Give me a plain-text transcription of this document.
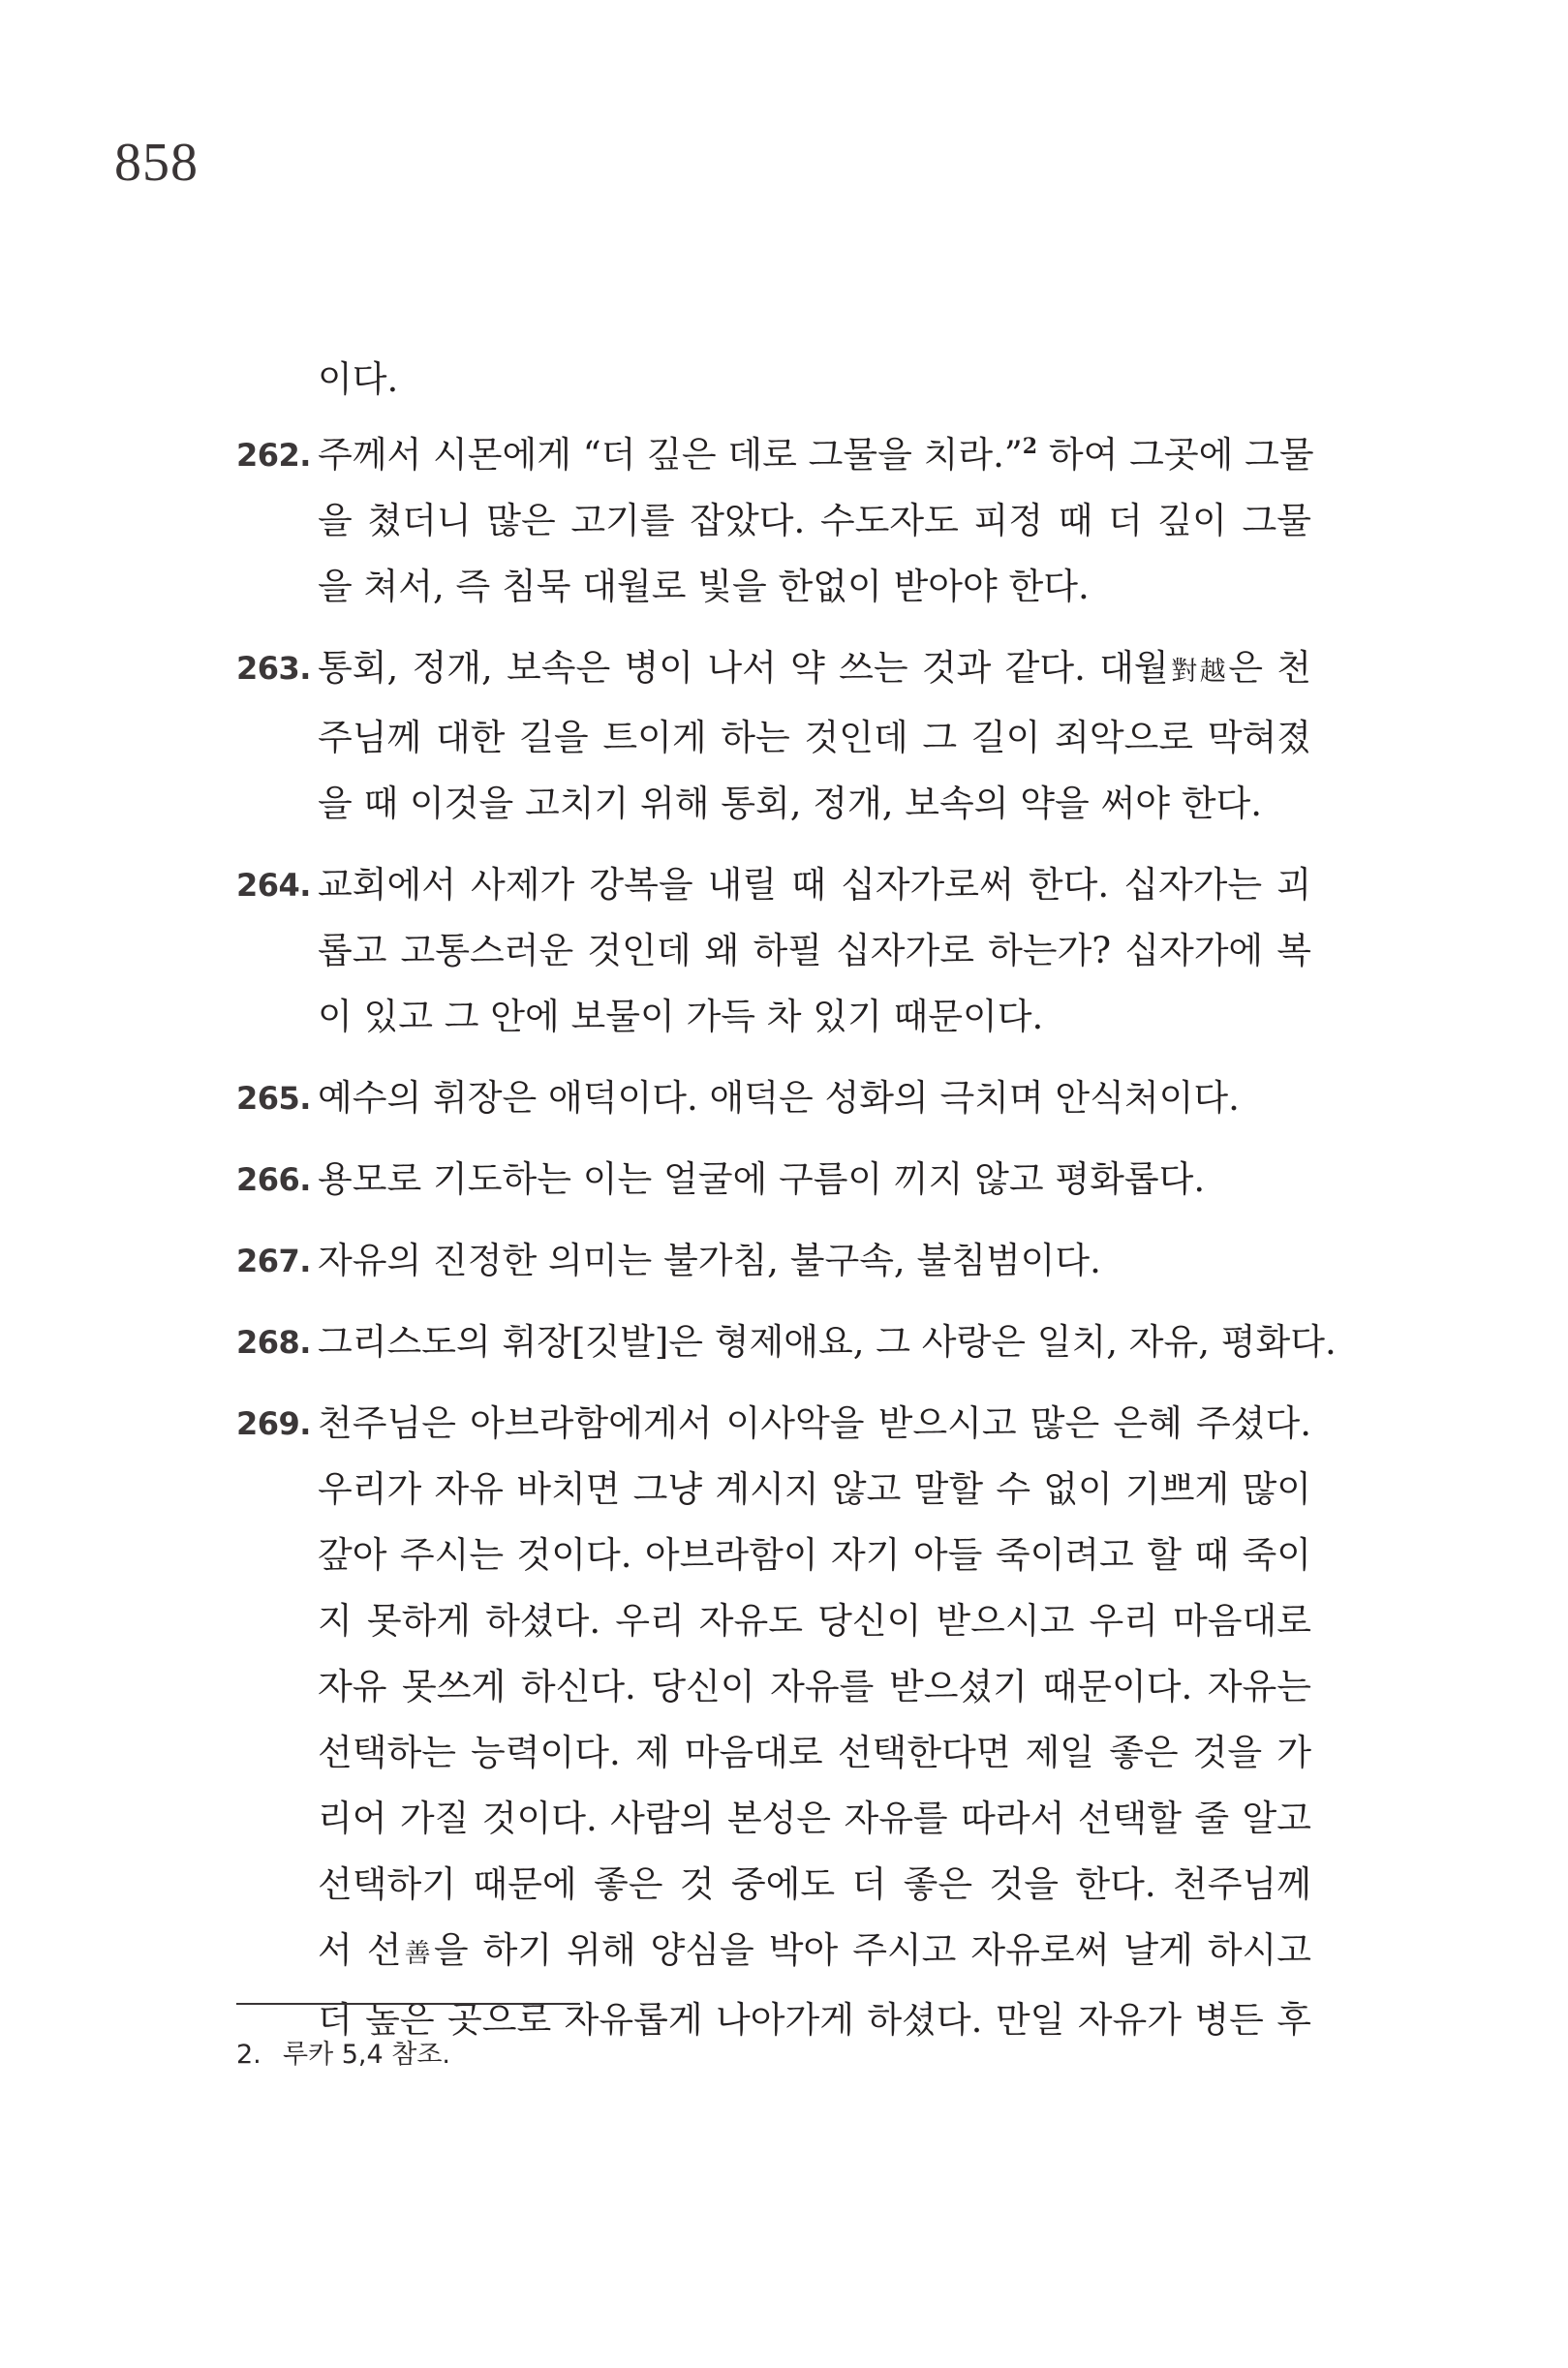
858
이다.
262. 주께서 시몬에게 “더 깊은 데로 그물을 치라.”$^2$ 하여 그곳에 그물
을 쳤더니 많은 고기를 잡았다. 수도자도 피정 때 더 깊이 그물
을 쳐서, 즉 침묵 대월로 빛을 한없이 받아야 한다.
263. 통회, 정개, 보속은 병이 나서 약 쓰는 것과 같다. 대월對越은 천
주님께 대한 길을 트이게 하는 것인데 그 길이 죄악으로 막혀졌
을 때 이것을 고치기 위해 통회, 정개, 보속의 약을 써야 한다.
264. 교회에서 사제가 강복을 내릴 때 십자가로써 한다. 십자가는 괴
롭고 고통스러운 것인데 왜 하필 십자가로 하는가? 십자가에 복
이 있고 그 안에 보물이 가득 차 있기 때문이다.
265. 예수의 휘장은 애덕이다. 애덕은 성화의 극치며 안식처이다.
266. 용모로 기도하는 이는 얼굴에 구름이 끼지 않고 평화롭다.
267. 자유의 진정한 의미는 불가침, 불구속, 불침범이다.
268. 그리스도의 휘장[깃발]은 형제애요, 그 사랑은 일치, 자유, 평화다.
269. 천주님은 아브라함에게서 이사악을 받으시고 많은 은혜 주셨다.
우리가 자유 바치면 그냥 계시지 않고 말할 수 없이 기쁘게 많이
갚아 주시는 것이다. 아브라함이 자기 아들 죽이려고 할 때 죽이
지 못하게 하셨다. 우리 자유도 당신이 받으시고 우리 마음대로
자유 못쓰게 하신다. 당신이 자유를 받으셨기 때문이다. 자유는
선택하는 능력이다. 제 마음대로 선택한다면 제일 좋은 것을 가
리어 가질 것이다. 사람의 본성은 자유를 따라서 선택할 줄 알고
선택하기 때문에 좋은 것 중에도 더 좋은 것을 한다. 천주님께
서 선善을 하기 위해 양심을 박아 주시고 자유로써 날게 하시고
더 높은 곳으로 자유롭게 나아가게 하셨다. 만일 자유가 병든 후
2. 루카 5,4 참조.
